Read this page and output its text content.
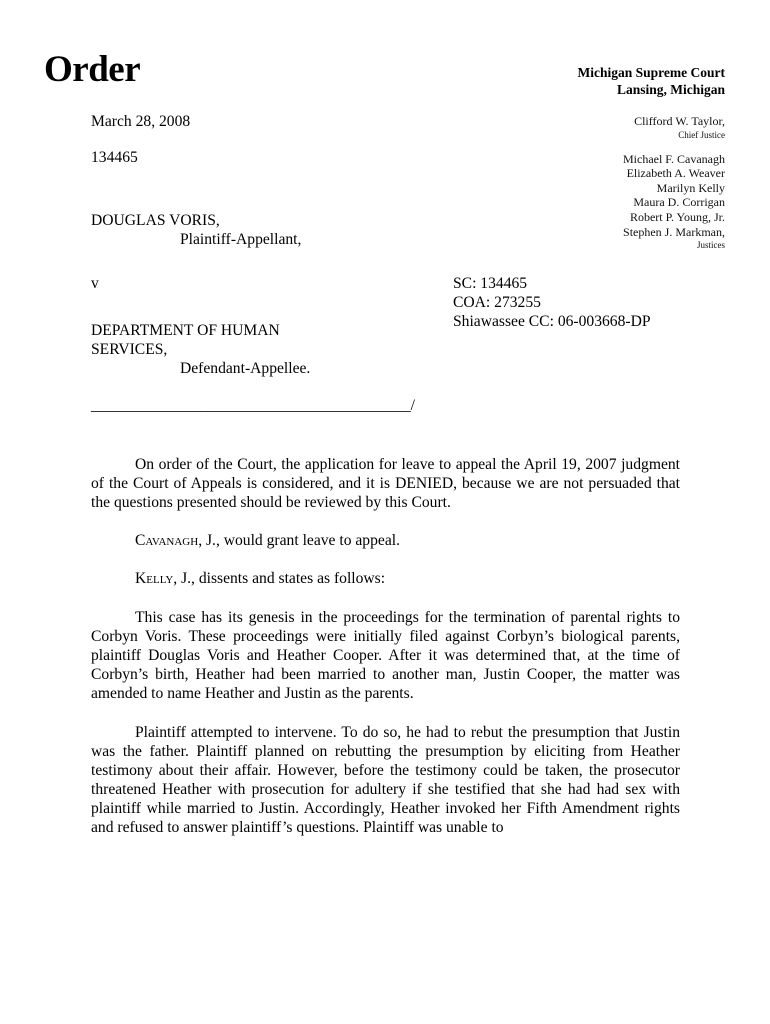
Order	Michigan Supreme Court
Lansing, Michigan
Clifford W. Taylor,
Chief Justice
Michael F. Cavanagh
Elizabeth A. Weaver
Marilyn Kelly
Maura D. Corrigan
Robert P. Young, Jr.
Stephen J. Markman,
Justices
March 28, 2008
134465
DOUGLAS VORIS,
Plaintiff-Appellant,
v	SC: 134465
COA: 273255
Shiawassee CC: 06-003668-DP
DEPARTMENT OF HUMAN
SERVICES,
Defendant-Appellee.
_________________________________________/
On order of the Court, the application for leave to appeal the April 19, 2007 judgment of the Court of Appeals is considered, and it is DENIED, because we are not persuaded that the questions presented should be reviewed by this Court.
Cavanagh, J., would grant leave to appeal.
Kelly, J., dissents and states as follows:
This case has its genesis in the proceedings for the termination of parental rights to Corbyn Voris. These proceedings were initially filed against Corbyn’s biological parents, plaintiff Douglas Voris and Heather Cooper. After it was determined that, at the time of Corbyn’s birth, Heather had been married to another man, Justin Cooper, the matter was amended to name Heather and Justin as the parents.
Plaintiff attempted to intervene. To do so, he had to rebut the presumption that Justin was the father. Plaintiff planned on rebutting the presumption by eliciting from Heather testimony about their affair. However, before the testimony could be taken, the prosecutor threatened Heather with prosecution for adultery if she testified that she had had sex with plaintiff while married to Justin. Accordingly, Heather invoked her Fifth Amendment rights and refused to answer plaintiff’s questions. Plaintiff was unable to
